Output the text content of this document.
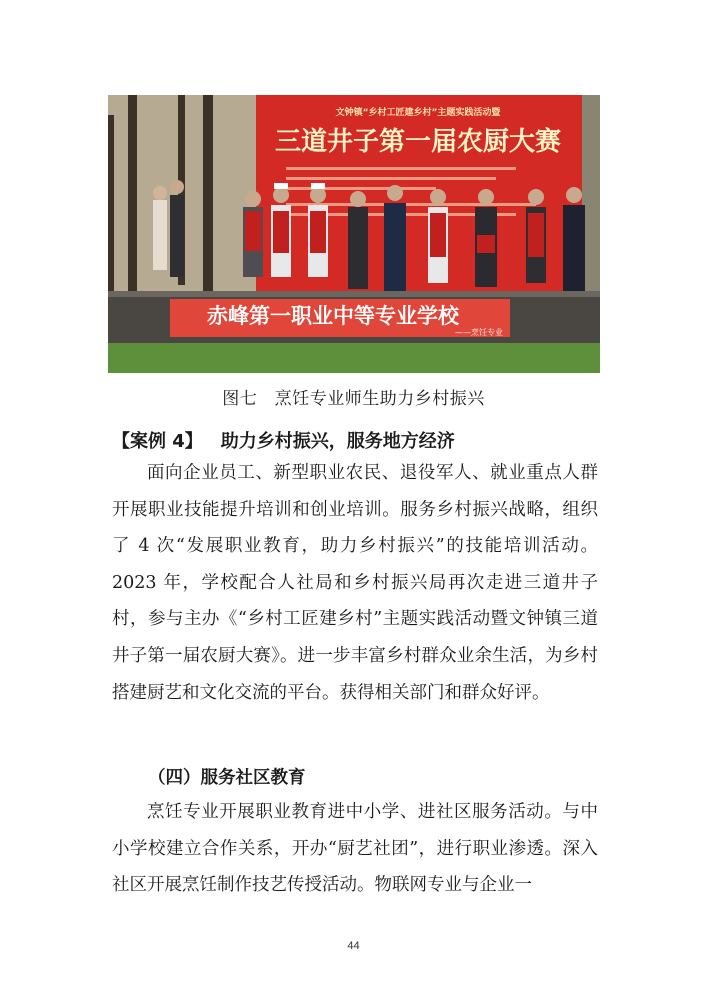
文钟镇“乡村工匠建乡村”主题实践活动暨
三道井子第一届农厨大赛
赤峰第一职业中等专业学校
——烹饪专业
图七　烹饪专业师生助力乡村振兴
【案例 4】 助力乡村振兴，服务地方经济

面向企业员工、新型职业农民、退役军人、就业重点人群开展职业技能提升培训和创业培训。服务乡村振兴战略，组织了 4 次“发展职业教育，助力乡村振兴”的技能培训活动。2023 年，学校配合人社局和乡村振兴局再次走进三道井子村，参与主办《“乡村工匠建乡村”主题实践活动暨文钟镇三道井子第一届农厨大赛》。进一步丰富乡村群众业余生活，为乡村搭建厨艺和文化交流的平台。获得相关部门和群众好评。

（四）服务社区教育

烹饪专业开展职业教育进中小学、进社区服务活动。与中小学校建立合作关系，开办“厨艺社团”，进行职业渗透。深入社区开展烹饪制作技艺传授活动。物联网专业与企业一

44
